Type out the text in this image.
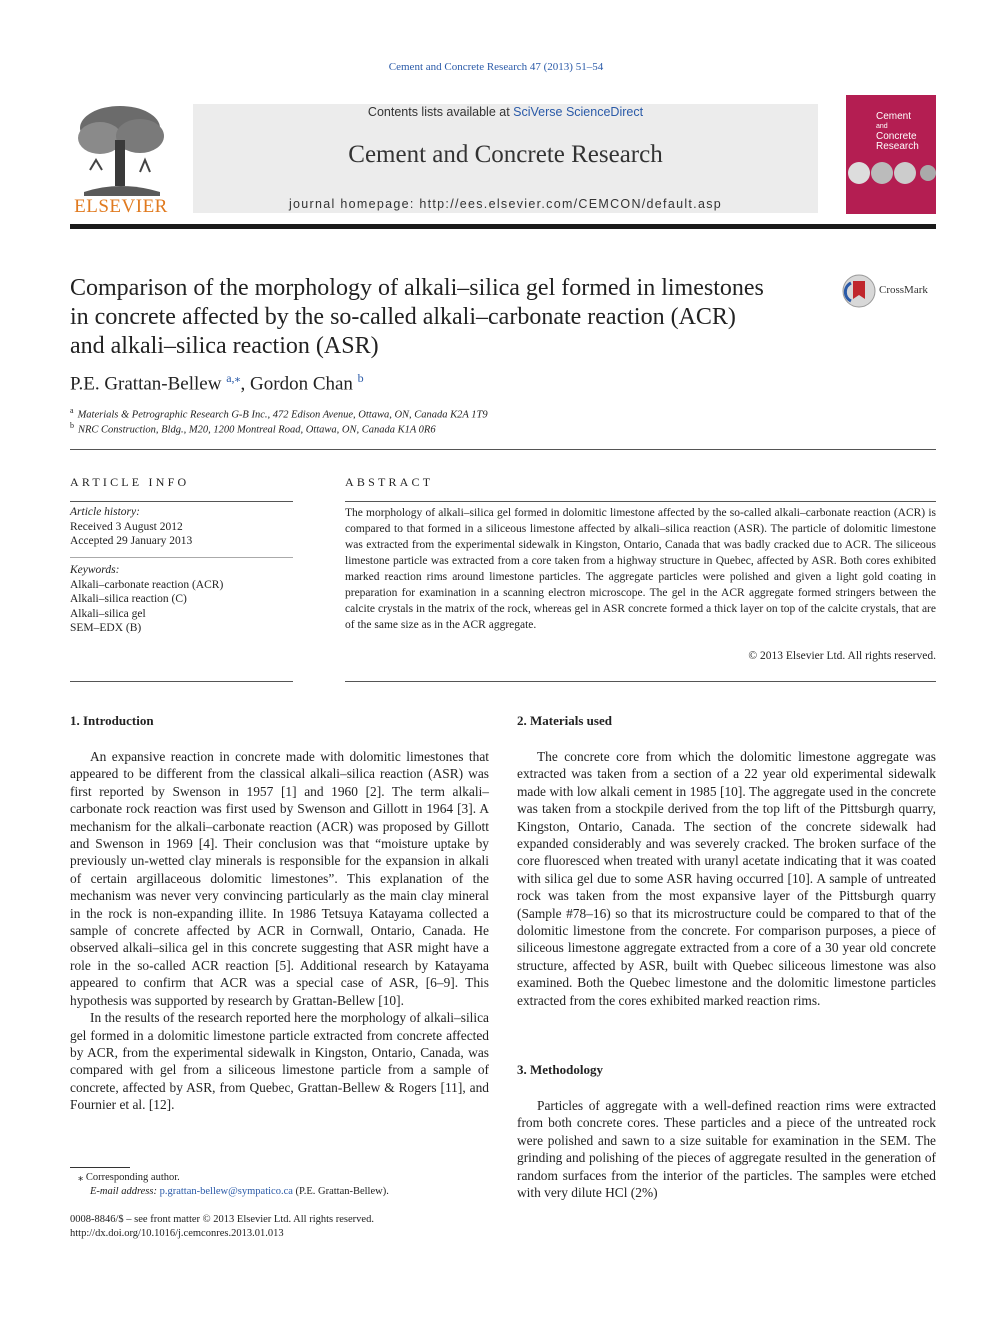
Cement and Concrete Research 47 (2013) 51–54
ELSEVIER
Contents lists available at SciVerse ScienceDirect
Cement and Concrete Research
journal homepage: http://ees.elsevier.com/CEMCON/default.asp
Cement
and
Concrete
Research
Comparison of the morphology of alkali–silica gel formed in limestones
in concrete affected by the so-called alkali–carbonate reaction (ACR)
and alkali–silica reaction (ASR)
CrossMark
P.E. Grattan-Bellew $^{a,⁎}$, Gordon Chan $^b$
$^a$ Materials & Petrographic Research G-B Inc., 472 Edison Avenue, Ottawa, ON, Canada K2A 1T9
$^b$ NRC Construction, Bldg., M20, 1200 Montreal Road, Ottawa, ON, Canada K1A 0R6
ARTICLE INFO
Article history:
Received 3 August 2012
Accepted 29 January 2013
Keywords:
Alkali–carbonate reaction (ACR)
Alkali–silica reaction (C)
Alkali–silica gel
SEM–EDX (B)
ABSTRACT
The morphology of alkali–silica gel formed in dolomitic limestone affected by the so-called alkali–carbonate reaction (ACR) is compared to that formed in a siliceous limestone affected by alkali–silica reaction (ASR). The particle of dolomitic limestone was extracted from the experimental sidewalk in Kingston, Ontario, Canada that was badly cracked due to ACR. The siliceous limestone particle was extracted from a core taken from a highway structure in Quebec, affected by ASR. Both cores exhibited marked reaction rims around limestone particles. The aggregate particles were polished and given a light gold coating in preparation for examination in a scanning electron microscope. The gel in the ACR aggregate formed stringers between the calcite crystals in the matrix of the rock, whereas gel in ASR concrete formed a thick layer on top of the calcite crystals, that are of the same size as in the ACR aggregate.
© 2013 Elsevier Ltd. All rights reserved.
1. Introduction

An expansive reaction in concrete made with dolomitic limestones that appeared to be different from the classical alkali–silica reaction (ASR) was first reported by Swenson in 1957 [1] and 1960 [2]. The term alkali–carbonate rock reaction was first used by Swenson and Gillott in 1964 [3]. A mechanism for the alkali–carbonate reaction (ACR) was proposed by Gillott and Swenson in 1969 [4]. Their conclusion was that “moisture uptake by previously un-wetted clay minerals is responsible for the expansion in alkali of certain argillaceous dolomitic limestones”. This explanation of the mechanism was never very convincing particularly as the main clay mineral in the rock is non-expanding illite. In 1986 Tetsuya Katayama collected a sample of concrete affected by ACR in Cornwall, Ontario, Canada. He observed alkali–silica gel in this concrete suggesting that ASR might have a role in the so-called ACR reaction [5]. Additional research by Katayama appeared to confirm that ACR was a special case of ASR, [6–9]. This hypothesis was supported by research by Grattan-Bellew [10].

In the results of the research reported here the morphology of alkali–silica gel formed in a dolomitic limestone particle extracted from concrete affected by ACR, from the experimental sidewalk in Kingston, Ontario, Canada, was compared with gel from a siliceous limestone particle from a sample of concrete, affected by ASR, from Quebec, Grattan-Bellew & Rogers [11], and Fournier et al. [12].

2. Materials used

The concrete core from which the dolomitic limestone aggregate was extracted was taken from a section of a 22 year old experimental sidewalk made with low alkali cement in 1985 [10]. The aggregate used in the concrete was taken from a stockpile derived from the top lift of the Pittsburgh quarry, Kingston, Ontario, Canada. The section of the concrete sidewalk had expanded considerably and was severely cracked. The broken surface of the core fluoresced when treated with uranyl acetate indicating that it was coated with silica gel due to some ASR having occurred [10]. A sample of untreated rock was taken from the most expansive layer of the Pittsburgh quarry (Sample #78–16) so that its microstructure could be compared to that of the dolomitic limestone from the concrete. For comparison purposes, a piece of siliceous limestone aggregate extracted from a core of a 30 year old concrete structure, affected by ASR, built with Quebec siliceous limestone was also examined. Both the Quebec limestone and the dolomitic limestone particles extracted from the cores exhibited marked reaction rims.

3. Methodology

Particles of aggregate with a well-defined reaction rims were extracted from both concrete cores. These particles and a piece of the untreated rock were polished and sawn to a size suitable for examination in the SEM. The grinding and polishing of the pieces of aggregate resulted in the generation of random surfaces from the interior of the particles. The samples were etched with very dilute HCl (2%)

⁎ Corresponding author.
E-mail address: p.grattan-bellew@sympatico.ca (P.E. Grattan-Bellew).
0008-8846/$ – see front matter © 2013 Elsevier Ltd. All rights reserved.
http://dx.doi.org/10.1016/j.cemconres.2013.01.013
